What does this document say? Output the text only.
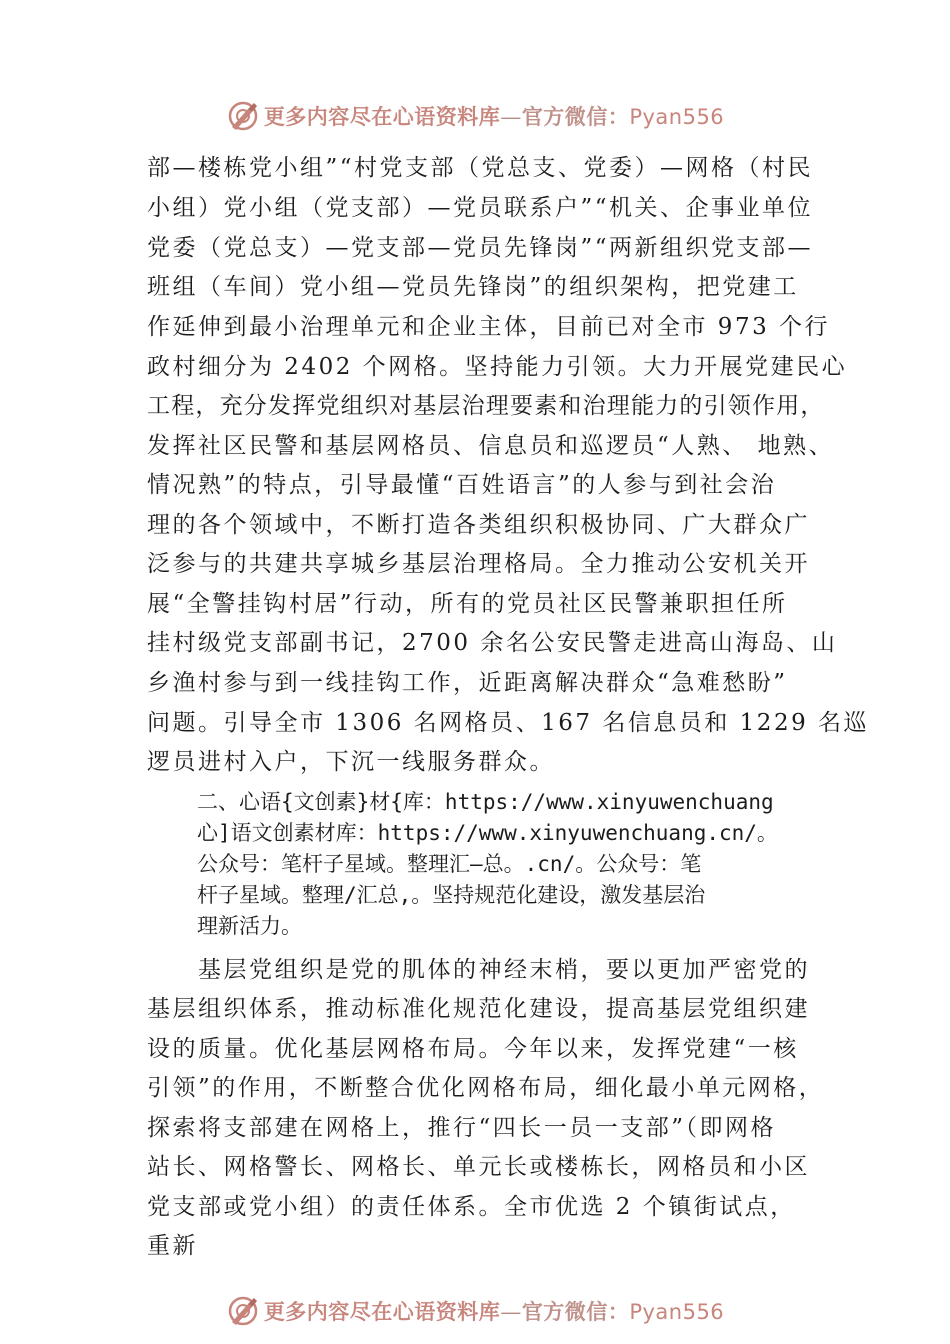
更多内容尽在心语资料库—官方微信：Pyan556
部—楼栋党小组”“村党支部（党总支、党委）—网格（村民
小组）党小组（党支部）—党员联系户”“机关、企事业单位
党委（党总支）—党支部—党员先锋岗”“两新组织党支部—
班组（车间）党小组—党员先锋岗”的组织架构，把党建工
作延伸到最小治理单元和企业主体，目前已对全市 973 个行
政村细分为 2402 个网格。坚持能力引领。大力开展党建民心
工程，充分发挥党组织对基层治理要素和治理能力的引领作用，
发挥社区民警和基层网格员、信息员和巡逻员“人熟、 地熟、
情况熟”的特点，引导最懂“百姓语言”的人参与到社会治
理的各个领域中，不断打造各类组织积极协同、广大群众广
泛参与的共建共享城乡基层治理格局。全力推动公安机关开
展“全警挂钩村居”行动，所有的党员社区民警兼职担任所
挂村级党支部副书记，2700 余名公安民警走进高山海岛、山
乡渔村参与到一线挂钩工作，近距离解决群众“急难愁盼”
问题。引导全市 1306 名网格员、167 名信息员和 1229 名巡
逻员进村入户，下沉一线服务群众。
二、心语{文创素}材{库：https://www.xinyuwenchuang
心]语文创素材库：https://www.xinyuwenchuang.cn/。
公众号：笔杆子星域。整理汇—总。.cn/。公众号：笔
杆子星域。整理/汇总,。坚持规范化建设，激发基层治
理新活力。
　　基层党组织是党的肌体的神经末梢，要以更加严密党的
基层组织体系，推动标准化规范化建设，提高基层党组织建
设的质量。优化基层网格布局。今年以来，发挥党建“一核
引领”的作用，不断整合优化网格布局，细化最小单元网格，
探索将支部建在网格上，推行“四长一员一支部”（即网格
站长、网格警长、网格长、单元长或楼栋长，网格员和小区
党支部或党小组）的责任体系。全市优选 2 个镇街试点，
重新
更多内容尽在心语资料库—官方微信：Pyan556
